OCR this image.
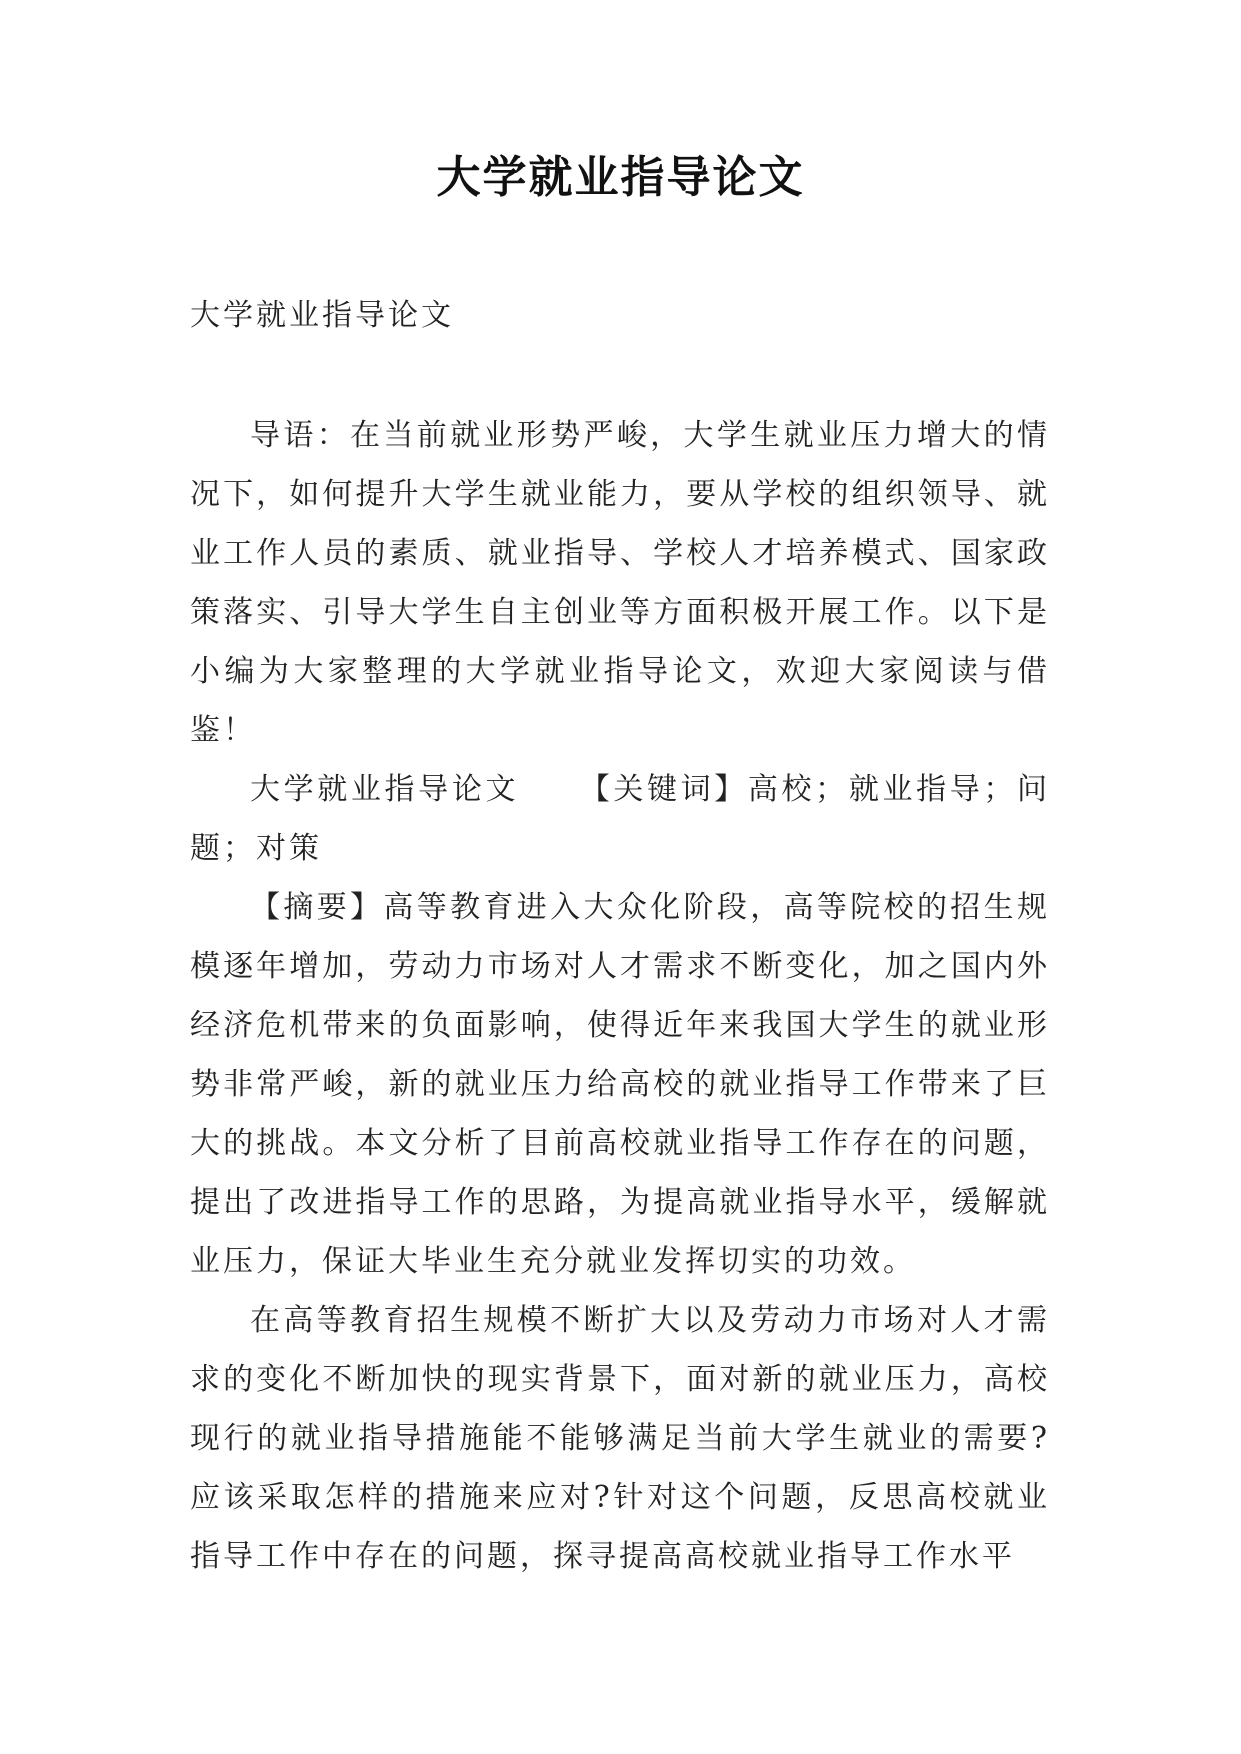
大学就业指导论文
大学就业指导论文

导语：在当前就业形势严峻，大学生就业压力增大的情况下，如何提升大学生就业能力，要从学校的组织领导、就业工作人员的素质、就业指导、学校人才培养模式、国家政策落实、引导大学生自主创业等方面积极开展工作。以下是小编为大家整理的大学就业指导论文，欢迎大家阅读与借鉴！

大学就业指导论文 【关键词】高校；就业指导；问题；对策

【摘要】高等教育进入大众化阶段，高等院校的招生规模逐年增加，劳动力市场对人才需求不断变化，加之国内外经济危机带来的负面影响，使得近年来我国大学生的就业形势非常严峻，新的就业压力给高校的就业指导工作带来了巨大的挑战。本文分析了目前高校就业指导工作存在的问题，提出了改进指导工作的思路，为提高就业指导水平，缓解就业压力，保证大毕业生充分就业发挥切实的功效。

在高等教育招生规模不断扩大以及劳动力市场对人才需求的变化不断加快的现实背景下，面对新的就业压力，高校现行的就业指导措施能不能够满足当前大学生就业的需要?应该采取怎样的措施来应对?针对这个问题，反思高校就业指导工作中存在的问题，探寻提高高校就业指导工作水平
